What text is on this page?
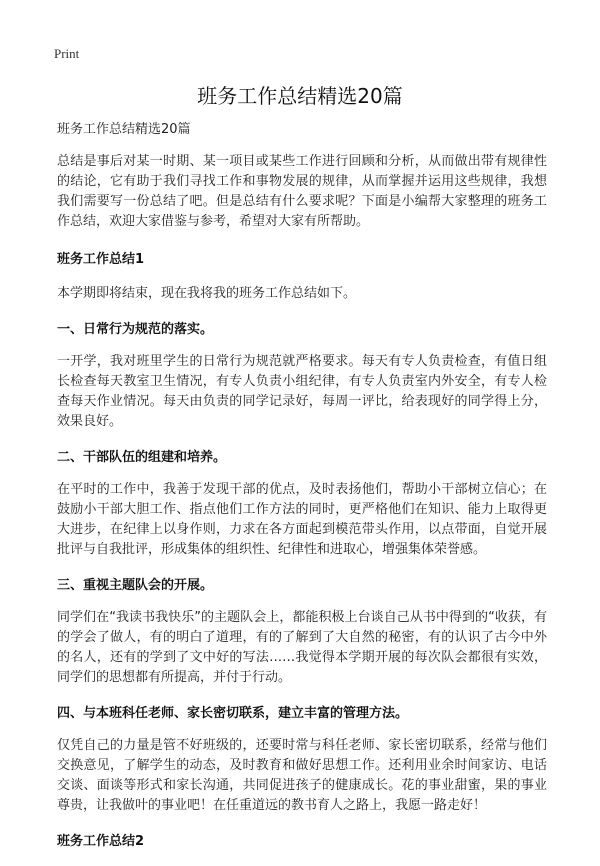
Print
班务工作总结精选20篇

班务工作总结精选20篇

总结是事后对某一时期、某一项目或某些工作进行回顾和分析，从而做出带有规律性的结论，它有助于我们寻找工作和事物发展的规律，从而掌握并运用这些规律，我想我们需要写一份总结了吧。但是总结有什么要求呢？下面是小编帮大家整理的班务工作总结，欢迎大家借鉴与参考，希望对大家有所帮助。

班务工作总结1

本学期即将结束，现在我将我的班务工作总结如下。

一、日常行为规范的落实。

一开学，我对班里学生的日常行为规范就严格要求。每天有专人负责检查，有值日组长检查每天教室卫生情况，有专人负责小组纪律，有专人负责室内外安全，有专人检查每天作业情况。每天由负责的同学记录好，每周一评比，给表现好的同学得上分，效果良好。

二、干部队伍的组建和培养。

在平时的工作中，我善于发现干部的优点，及时表扬他们，帮助小干部树立信心；在鼓励小干部大胆工作、指点他们工作方法的同时，更严格他们在知识、能力上取得更大进步，在纪律上以身作则，力求在各方面起到模范带头作用，以点带面，自觉开展批评与自我批评，形成集体的组织性、纪律性和进取心，增强集体荣誉感。

三、重视主题队会的开展。

同学们在“我读书我快乐”的主题队会上，都能积极上台谈自己从书中得到的“收获，有的学会了做人，有的明白了道理，有的了解到了大自然的秘密，有的认识了古今中外的名人，还有的学到了文中好的写法……我觉得本学期开展的每次队会都很有实效，同学们的思想都有所提高，并付于行动。

四、与本班科任老师、家长密切联系，建立丰富的管理方法。

仅凭自己的力量是管不好班级的，还要时常与科任老师、家长密切联系，经常与他们交换意见，了解学生的动态，及时教育和做好思想工作。还利用业余时间家访、电话交谈、面谈等形式和家长沟通，共同促进孩子的健康成长。花的事业甜蜜，果的事业尊贵，让我做叶的事业吧！在任重道远的教书育人之路上，我愿一路走好！

班务工作总结2
